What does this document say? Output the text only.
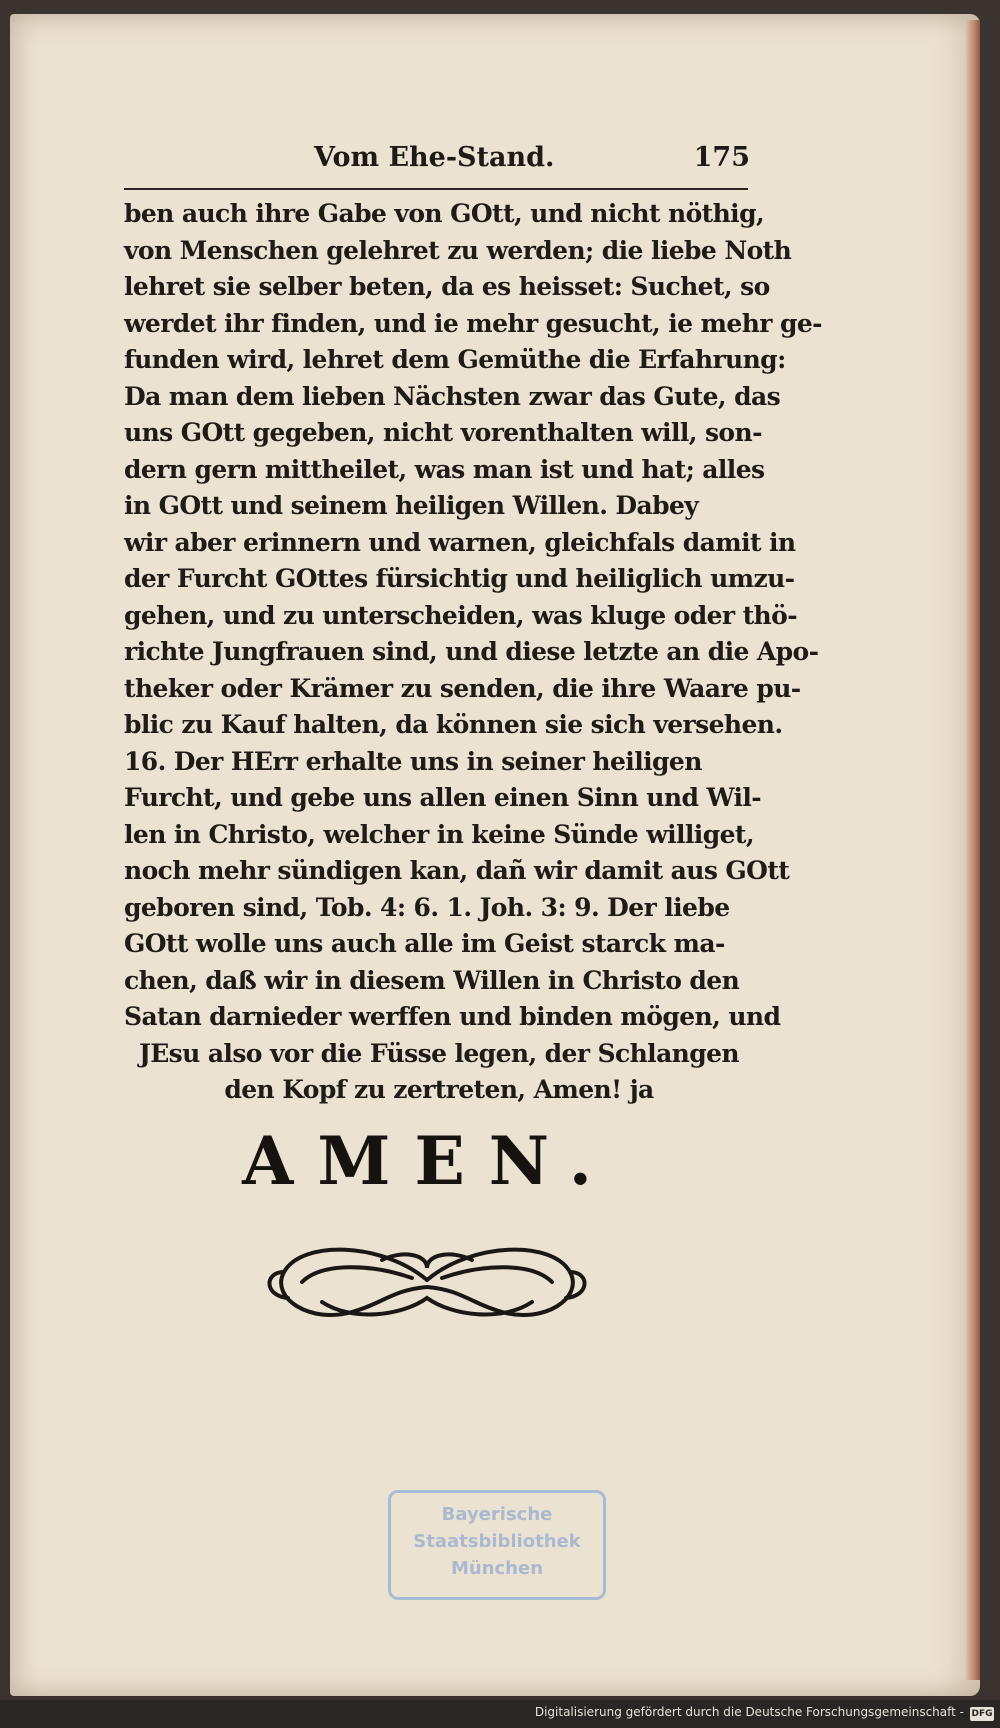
Vom Ehe-Stand.	175
ben auch ihre Gabe von GOtt, und nicht nöthig,
von Menschen gelehret zu werden; die liebe Noth
lehret sie selber beten, da es heisset: Suchet, so
werdet ihr finden, und ie mehr gesucht, ie mehr ge-
funden wird, lehret dem Gemüthe die Erfahrung:
Da man dem lieben Nächsten zwar das Gute, das
uns GOtt gegeben, nicht vorenthalten will, son-
dern gern mittheilet, was man ist und hat; alles
in GOtt und seinem heiligen Willen. Dabey
wir aber erinnern und warnen, gleichfals damit in
der Furcht GOttes fürsichtig und heiliglich umzu-
gehen, und zu unterscheiden, was kluge oder thö-
richte Jungfrauen sind, und diese letzte an die Apo-
theker oder Krämer zu senden, die ihre Waare pu-
blic zu Kauf halten, da können sie sich versehen.
16. Der HErr erhalte uns in seiner heiligen
Furcht, und gebe uns allen einen Sinn und Wil-
len in Christo, welcher in keine Sünde williget,
noch mehr sündigen kan, dañ wir damit aus GOtt
geboren sind, Tob. 4: 6. 1. Joh. 3: 9. Der liebe
GOtt wolle uns auch alle im Geist starck ma-
chen, daß wir in diesem Willen in Christo den
Satan darnieder werffen und binden mögen, und
JEsu also vor die Füsse legen, der Schlangen
den Kopf zu zertreten, Amen! ja
AMEN.
Bayerische
Staatsbibliothek
München
Digitalisierung gefördert durch die Deutsche Forschungsgemeinschaft - DFG
